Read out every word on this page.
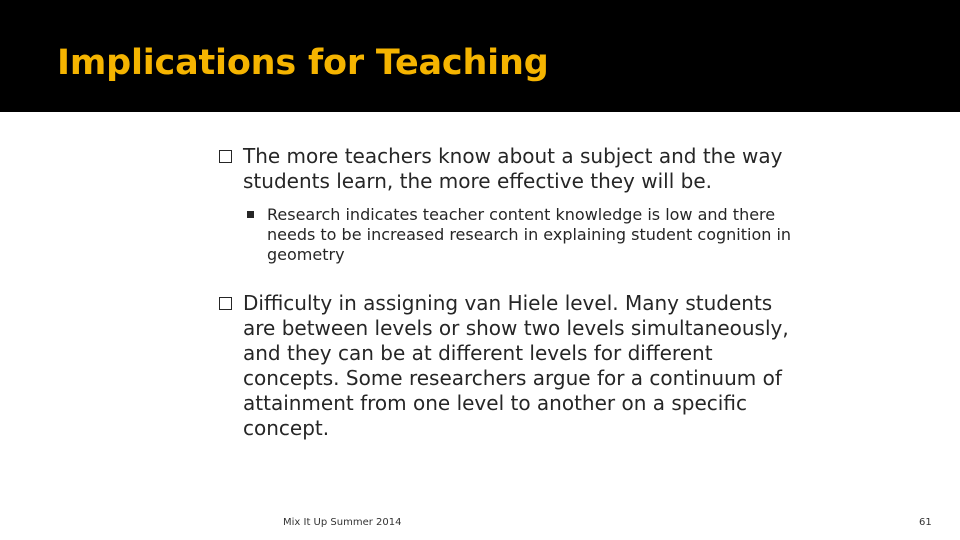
Implications for Teaching
The more teachers know about a subject and the way students learn, the more effective they will be.
Research indicates teacher content knowledge is low and there needs to be increased research in explaining student cognition in geometry
Difficulty in assigning van Hiele level. Many students are between levels or show two levels simultaneously, and they can be at different levels for different concepts. Some researchers argue for a continuum of attainment from one level to another on a specific concept.
Mix It Up Summer 2014	61
